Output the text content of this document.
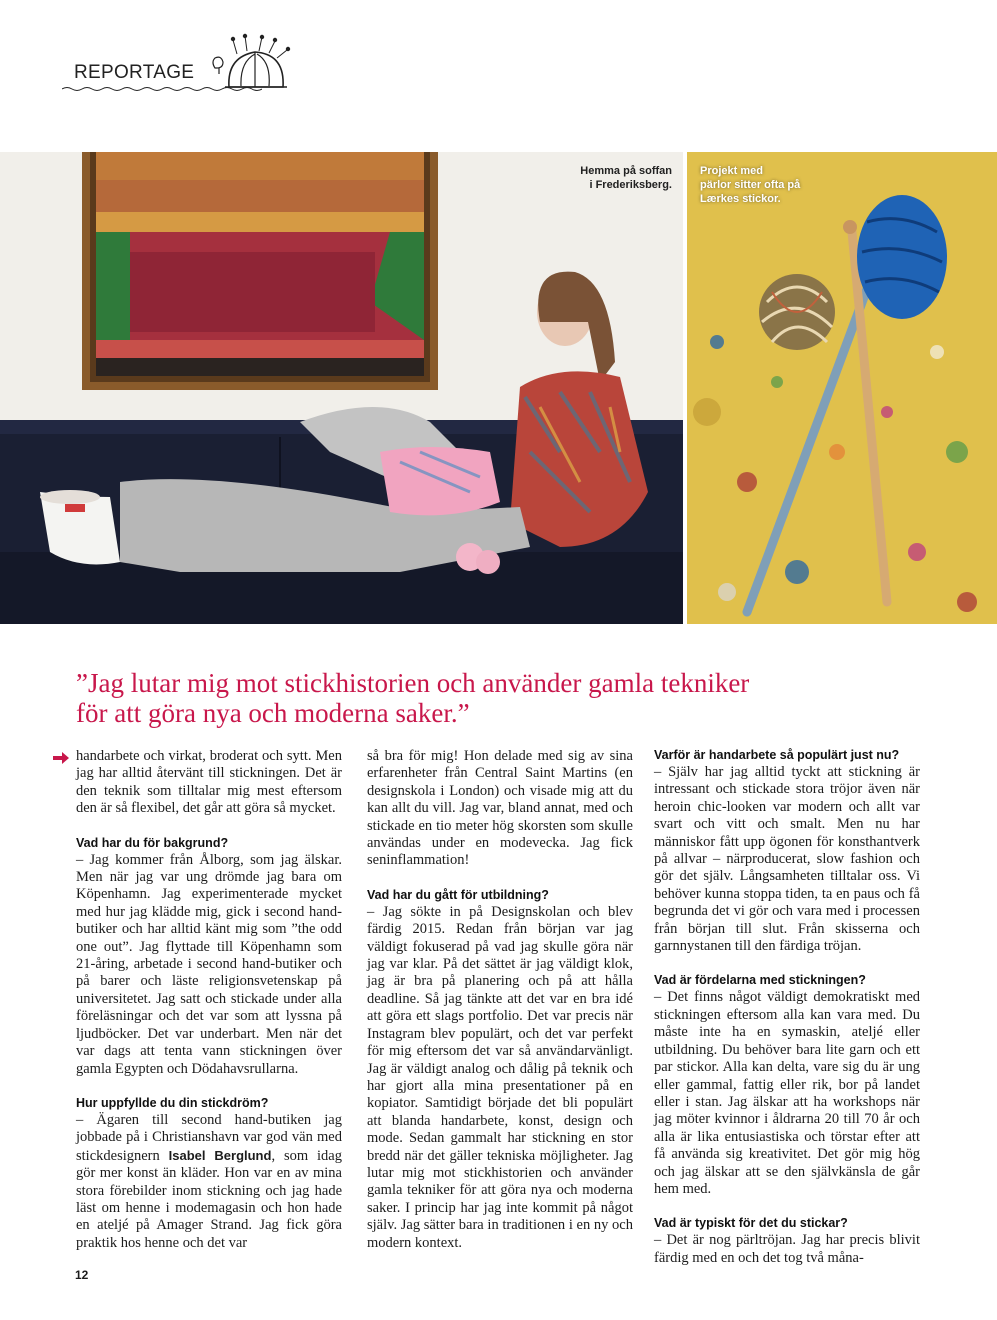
REPORTAGE
Hemma på soffan
i Frederiksberg.
Projekt med
pärlor sitter ofta på
Lærkes stickor.
”Jag lutar mig mot stickhistorien och använder gamla tekniker
för att göra nya och moderna saker.”

handarbete och virkat, broderat och sytt. Men jag har alltid återvänt till stickningen. Det är den teknik som tilltalar mig mest eftersom den är så flexibel, det går att göra så mycket.

Vad har du för bakgrund?

– Jag kommer från Ålborg, som jag älskar. Men när jag var ung drömde jag bara om Köpenhamn. Jag experimenterade mycket med hur jag klädde mig, gick i second hand-butiker och har alltid känt mig som ”the odd one out”. Jag flyttade till Köpenhamn som 21-åring, arbetade i second hand-butiker och på barer och läste religionsvetenskap på universitetet. Jag satt och stickade under alla föreläsningar och det var som att lyssna på ljudböcker. Det var underbart. Men när det var dags att tenta vann stickningen över gamla Egypten och Dödahavsrullarna.

Hur uppfyllde du din stickdröm?

– Ägaren till second hand-butiken jag jobbade på i Christianshavn var god vän med stickdesignern Isabel Berglund, som idag gör mer konst än kläder. Hon var en av mina stora förebilder inom stickning och jag hade läst om henne i modemagasin och hon hade en ateljé på Amager Strand. Jag fick göra praktik hos henne och det var

så bra för mig! Hon delade med sig av sina erfarenheter från Central Saint Martins (en designskola i London) och visade mig att du kan allt du vill. Jag var, bland annat, med och stickade en tio meter hög skorsten som skulle användas under en modevecka. Jag fick seninflammation!

Vad har du gått för utbildning?

– Jag sökte in på Designskolan och blev färdig 2015. Redan från början var jag väldigt fokuserad på vad jag skulle göra när jag var klar. På det sättet är jag väldigt klok, jag är bra på planering och på att hålla deadline. Så jag tänkte att det var en bra idé att göra ett slags portfolio. Det var precis när Instagram blev populärt, och det var perfekt för mig eftersom det var så användarvänligt. Jag är väldigt analog och dålig på teknik och har gjort alla mina presentationer på en kopiator. Samtidigt började det bli populärt att blanda handarbete, konst, design och mode. Sedan gammalt har stickning en stor bredd när det gäller tekniska möjligheter. Jag lutar mig mot stickhistorien och använder gamla tekniker för att göra nya och moderna saker. I princip har jag inte kommit på något själv. Jag sätter bara in traditionen i en ny och modern kontext.

Varför är handarbete så populärt just nu?

– Själv har jag alltid tyckt att stickning är intressant och stickade stora tröjor även när heroin chic-looken var modern och allt var svart och vitt och smalt. Men nu har människor fått upp ögonen för konsthantverk på allvar – närproducerat, slow fashion och gör det själv. Långsamheten tilltalar oss. Vi behöver kunna stoppa tiden, ta en paus och få begrunda det vi gör och vara med i processen från början till slut. Från skisserna och garnnystanen till den färdiga tröjan.

Vad är fördelarna med stickningen?

– Det finns något väldigt demokratiskt med stickningen eftersom alla kan vara med. Du måste inte ha en symaskin, ateljé eller utbildning. Du behöver bara lite garn och ett par stickor. Alla kan delta, vare sig du är ung eller gammal, fattig eller rik, bor på landet eller i stan. Jag älskar att ha workshops när jag möter kvinnor i åldrarna 20 till 70 år och alla är lika entusiastiska och törstar efter att få använda sig kreativitet. Det gör mig hög och jag älskar att se den självkänsla de går hem med.

Vad är typiskt för det du stickar?

– Det är nog pärltröjan. Jag har precis blivit färdig med en och det tog två måna-

12
